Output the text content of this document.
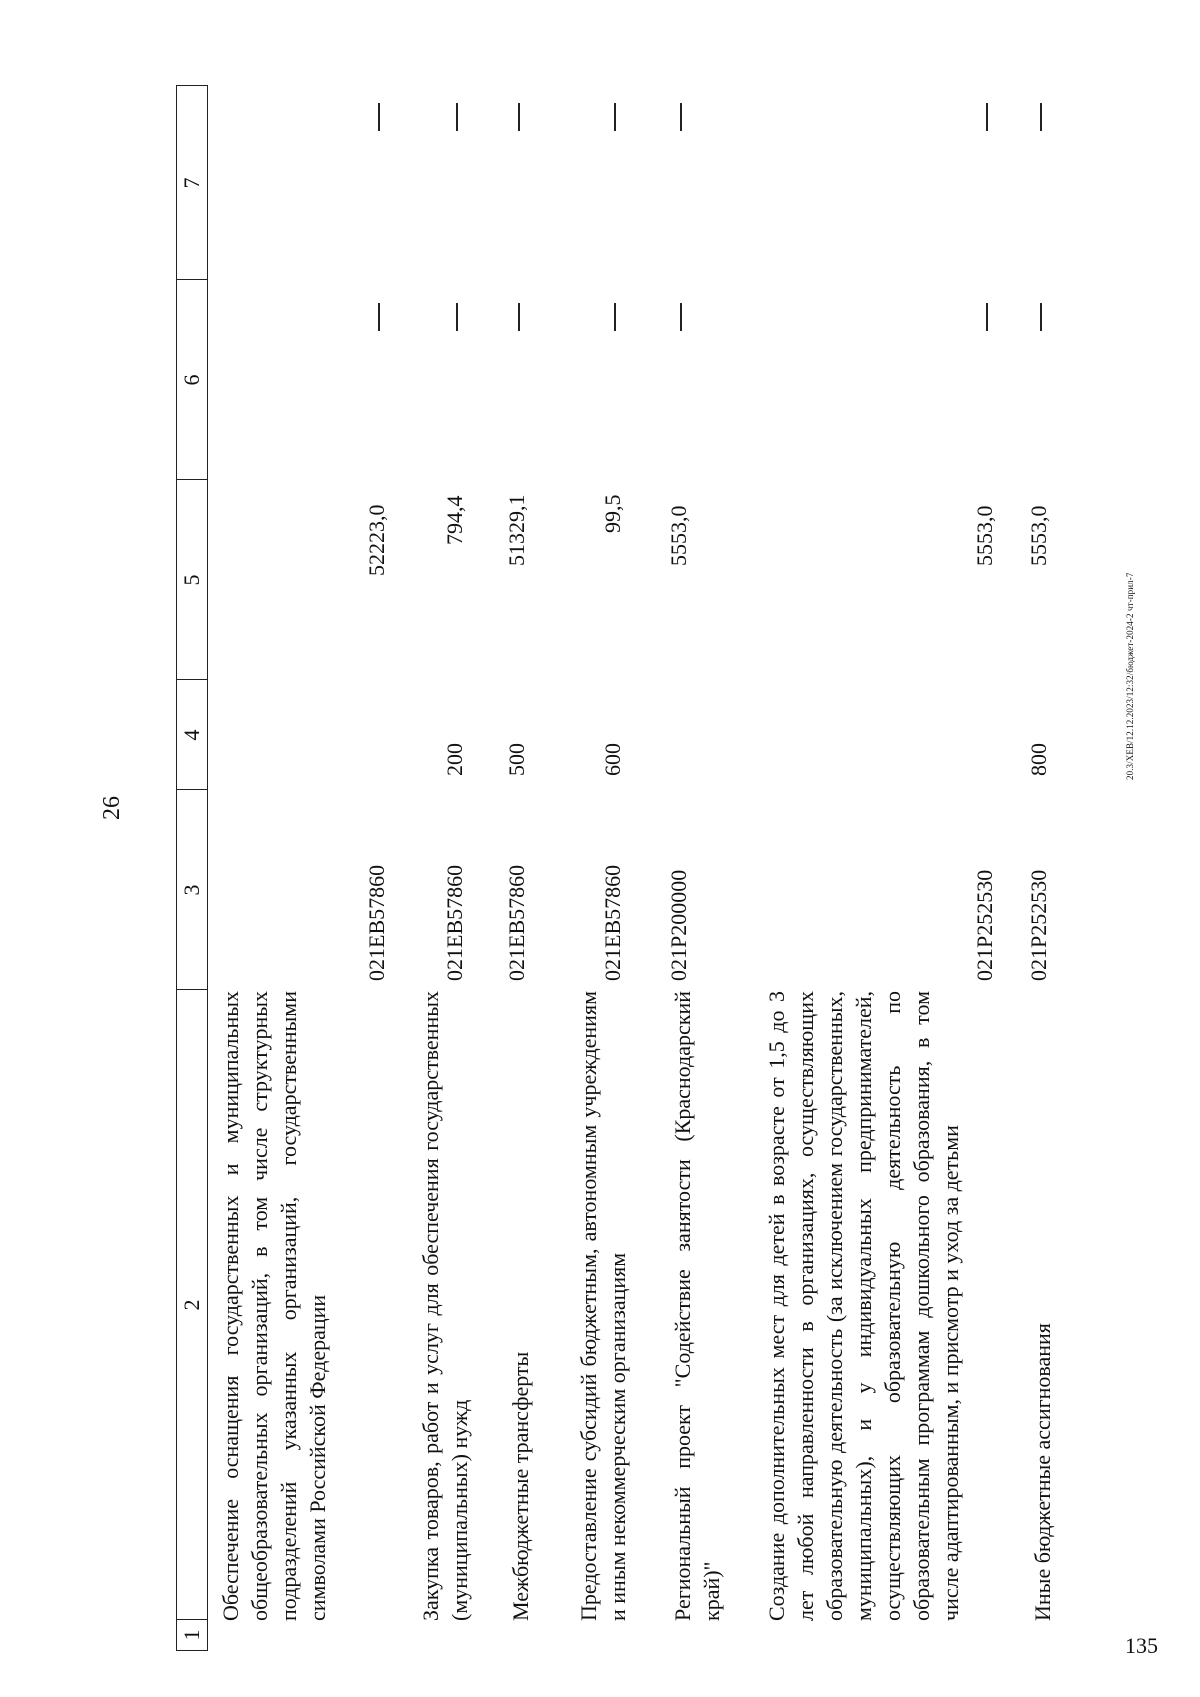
26
135
20.3/ХЕВ/12.12.2023/12:32/бюджет-2024-2 чт-прил-7
1
2
3
4
5
6
7
Обеспечение оснащения государственных и муниципальных общеобразовательных организаций, в том числе структурных подразделений указанных организаций, государственными символами Российской Федерации
021EB57860
52223,0
Закупка товаров, работ и услуг для обеспечения государственных (муниципальных) нужд
021EB57860
200
794,4
Межбюджетные трансферты
021EB57860
500
51329,1
Предоставление субсидий бюджетным, автономным учреждениям и иным некоммерческим организациям
021EB57860
600
99,5
Региональный проект "Содействие занятости (Краснодарский край)"
021P200000
5553,0
Создание дополнительных мест для детей в возрасте от 1,5 до 3 лет любой направленности в организациях, осуществляющих образовательную деятельность (за исключением государственных, муниципальных), и у индивидуальных предпринимателей, осуществляющих образовательную деятельность по образовательным программам дошкольного образования, в том числе адаптированным, и присмотр и уход за детьми
021P252530
5553,0
Иные бюджетные ассигнования
021P252530
800
5553,0
